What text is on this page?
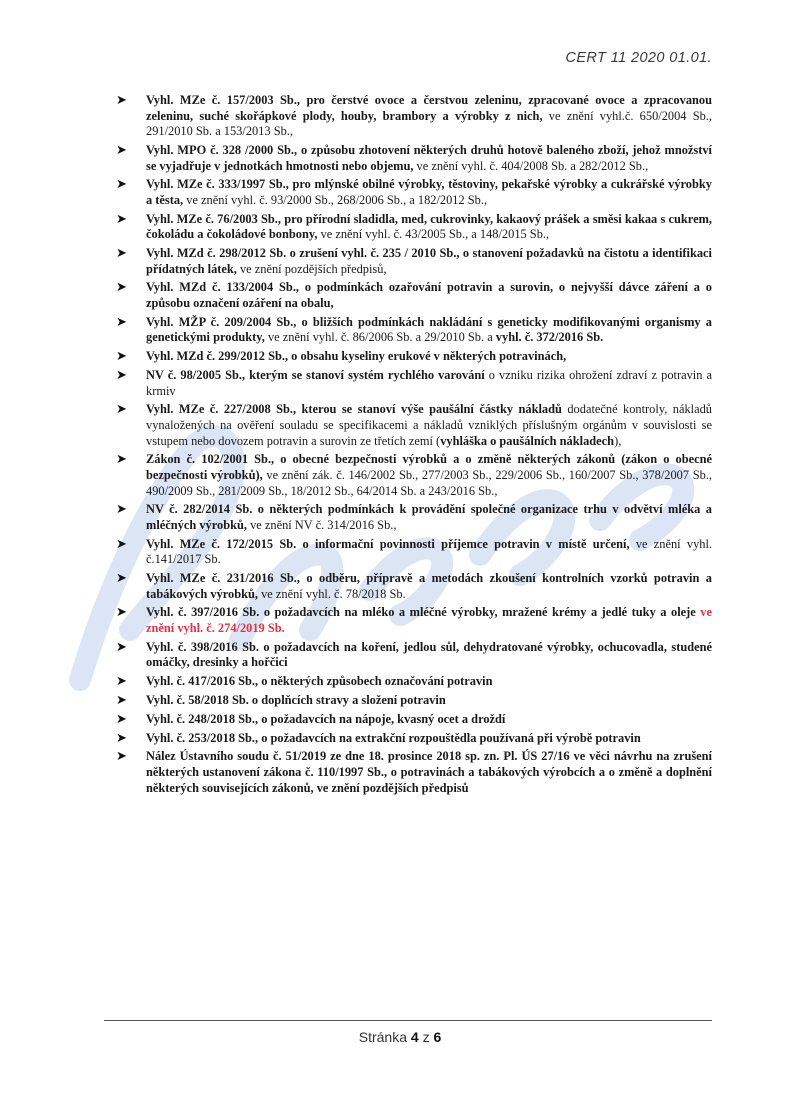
CERT 11 2020 01.01.
➤ Vyhl. MZe č. 157/2003 Sb., pro čerstvé ovoce a čerstvou zeleninu, zpracované ovoce a zpracovanou zeleninu, suché skořápkové plody, houby, brambory a výrobky z nich, ve znění vyhl.č. 650/2004 Sb., 291/2010 Sb. a 153/2013 Sb.,
➤ Vyhl. MPO č. 328 /2000 Sb., o způsobu zhotovení některých druhů hotově baleného zboží, jehož množství se vyjadřuje v jednotkách hmotnosti nebo objemu, ve znění vyhl. č. 404/2008 Sb. a 282/2012 Sb.,
➤ Vyhl. MZe č. 333/1997 Sb., pro mlýnské obilné výrobky, těstoviny, pekařské výrobky a cukrářské výrobky a těsta, ve znění vyhl. č. 93/2000 Sb., 268/2006 Sb., a 182/2012 Sb.,
➤ Vyhl. MZe č. 76/2003 Sb., pro přírodní sladidla, med, cukrovinky, kakaový prášek a směsi kakaa s cukrem, čokoládu a čokoládové bonbony, ve znění vyhl. č. 43/2005 Sb., a 148/2015 Sb.,
➤ Vyhl. MZd č. 298/2012 Sb. o zrušení vyhl. č. 235 / 2010 Sb., o stanovení požadavků na čistotu a identifikaci přídatných látek, ve znění pozdějších předpisů,
➤ Vyhl. MZd č. 133/2004 Sb., o podmínkách ozařování potravin a surovin, o nejvyšší dávce záření a o způsobu označení ozáření na obalu,
➤ Vyhl. MŽP č. 209/2004 Sb., o bližších podmínkách nakládání s geneticky modifikovanými organismy a genetickými produkty, ve znění vyhl. č. 86/2006 Sb. a 29/2010 Sb. a vyhl. č. 372/2016 Sb.
➤ Vyhl. MZd č. 299/2012 Sb., o obsahu kyseliny erukové v některých potravinách,
➤ NV č. 98/2005 Sb., kterým se stanoví systém rychlého varování o vzniku rizika ohrožení zdraví z potravin a krmiv
➤ Vyhl. MZe č. 227/2008 Sb., kterou se stanoví výše paušální částky nákladů dodatečné kontroly, nákladů vynaložených na ověření souladu se specifikacemi a nákladů vzniklých příslušným orgánům v souvislosti se vstupem nebo dovozem potravin a surovin ze třetích zemí (vyhláška o paušálních nákladech),
➤ Zákon č. 102/2001 Sb., o obecné bezpečnosti výrobků a o změně některých zákonů (zákon o obecné bezpečnosti výrobků), ve znění zák. č. 146/2002 Sb., 277/2003 Sb., 229/2006 Sb., 160/2007 Sb., 378/2007 Sb., 490/2009 Sb., 281/2009 Sb., 18/2012 Sb., 64/2014 Sb. a 243/2016 Sb.,
➤ NV č. 282/2014 Sb. o některých podmínkách k provádění společné organizace trhu v odvětví mléka a mléčných výrobků, ve znění NV č. 314/2016 Sb.,
➤ Vyhl. MZe č. 172/2015 Sb. o informační povinnosti příjemce potravin v místě určení, ve znění vyhl. č.141/2017 Sb.
➤ Vyhl. MZe č. 231/2016 Sb., o odběru, přípravě a metodách zkoušení kontrolních vzorků potravin a tabákových výrobků, ve znění vyhl. č. 78/2018 Sb.
➤ Vyhl. č. 397/2016 Sb. o požadavcích na mléko a mléčné výrobky, mražené krémy a jedlé tuky a oleje ve znění vyhl. č. 274/2019 Sb.
➤ Vyhl. č. 398/2016 Sb. o požadavcích na koření, jedlou sůl, dehydratované výrobky, ochucovadla, studené omáčky, dresinky a hořčici
➤ Vyhl. č. 417/2016 Sb., o některých způsobech označování potravin
➤ Vyhl. č. 58/2018 Sb. o doplňcích stravy a složení potravin
➤ Vyhl. č. 248/2018 Sb., o požadavcích na nápoje, kvasný ocet a droždí
➤ Vyhl. č. 253/2018 Sb., o požadavcích na extrakční rozpouštědla používaná při výrobě potravin
➤ Nález Ústavního soudu č. 51/2019 ze dne 18. prosince 2018 sp. zn. Pl. ÚS 27/16 ve věci návrhu na zrušení některých ustanovení zákona č. 110/1997 Sb., o potravinách a tabákových výrobcích a o změně a doplnění některých souvisejících zákonů, ve znění pozdějších předpisů
Stránka 4 z 6
